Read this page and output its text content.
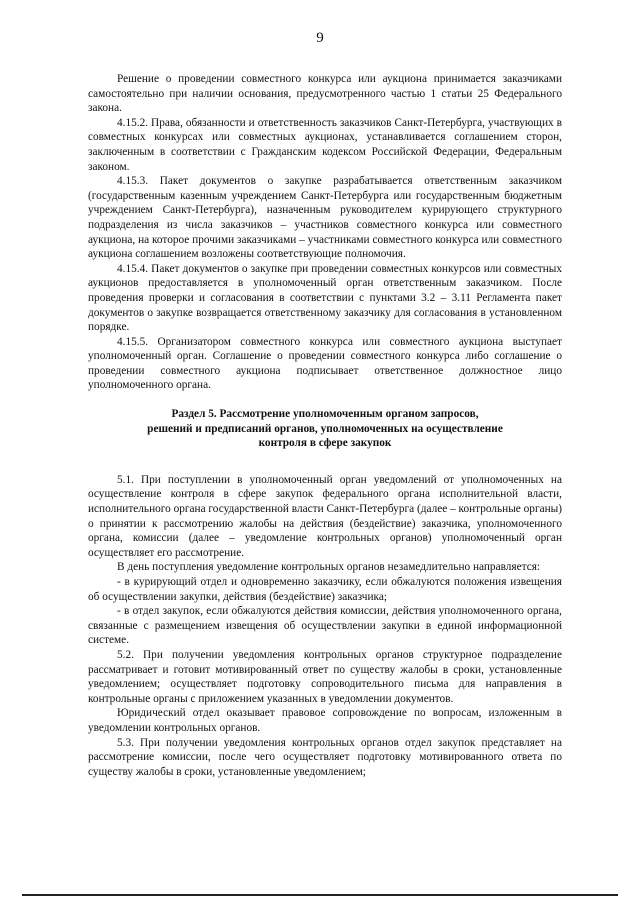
9

Решение о проведении совместного конкурса или аукциона принимается заказчиками самостоятельно при наличии основания, предусмотренного частью 1 статьи 25 Федерального закона.

4.15.2. Права, обязанности и ответственность заказчиков Санкт-Петербурга, участвующих в совместных конкурсах или совместных аукционах, устанавливается соглашением сторон, заключенным в соответствии с Гражданским кодексом Российской Федерации, Федеральным законом.

4.15.3. Пакет документов о закупке разрабатывается ответственным заказчиком (государственным казенным учреждением Санкт-Петербурга или государственным бюджетным учреждением Санкт-Петербурга), назначенным руководителем курирующего структурного подразделения из числа заказчиков – участников совместного конкурса или совместного аукциона, на которое прочими заказчиками – участниками совместного конкурса или совместного аукциона соглашением возложены соответствующие полномочия.

4.15.4. Пакет документов о закупке при проведении совместных конкурсов или совместных аукционов предоставляется в уполномоченный орган ответственным заказчиком. После проведения проверки и согласования в соответствии с пунктами 3.2 – 3.11 Регламента пакет документов о закупке возвращается ответственному заказчику для согласования в установленном порядке.

4.15.5. Организатором совместного конкурса или совместного аукциона выступает уполномоченный орган. Соглашение о проведении совместного конкурса либо соглашение о проведении совместного аукциона подписывает ответственное должностное лицо уполномоченного органа.

Раздел 5. Рассмотрение уполномоченным органом запросов,

решений и предписаний органов, уполномоченных на осуществление

контроля в сфере закупок

5.1. При поступлении в уполномоченный орган уведомлений от уполномоченных на осуществление контроля в сфере закупок федерального органа исполнительной власти, исполнительного органа государственной власти Санкт-Петербурга (далее – контрольные органы) о принятии к рассмотрению жалобы на действия (бездействие) заказчика, уполномоченного органа, комиссии (далее – уведомление контрольных органов) уполномоченный орган осуществляет его рассмотрение.

В день поступления уведомление контрольных органов незамедлительно направляется:

- в курирующий отдел и одновременно заказчику, если обжалуются положения извещения об осуществлении закупки, действия (бездействие) заказчика;

- в отдел закупок, если обжалуются действия комиссии, действия уполномоченного органа, связанные с размещением извещения об осуществлении закупки в единой информационной системе.

5.2. При получении уведомления контрольных органов структурное подразделение рассматривает и готовит мотивированный ответ по существу жалобы в сроки, установленные уведомлением; осуществляет подготовку сопроводительного письма для направления в контрольные органы с приложением указанных в уведомлении документов.

Юридический отдел оказывает правовое сопровождение по вопросам, изложенным в уведомлении контрольных органов.

5.3. При получении уведомления контрольных органов отдел закупок представляет на рассмотрение комиссии, после чего осуществляет подготовку мотивированного ответа по существу жалобы в сроки, установленные уведомлением;
